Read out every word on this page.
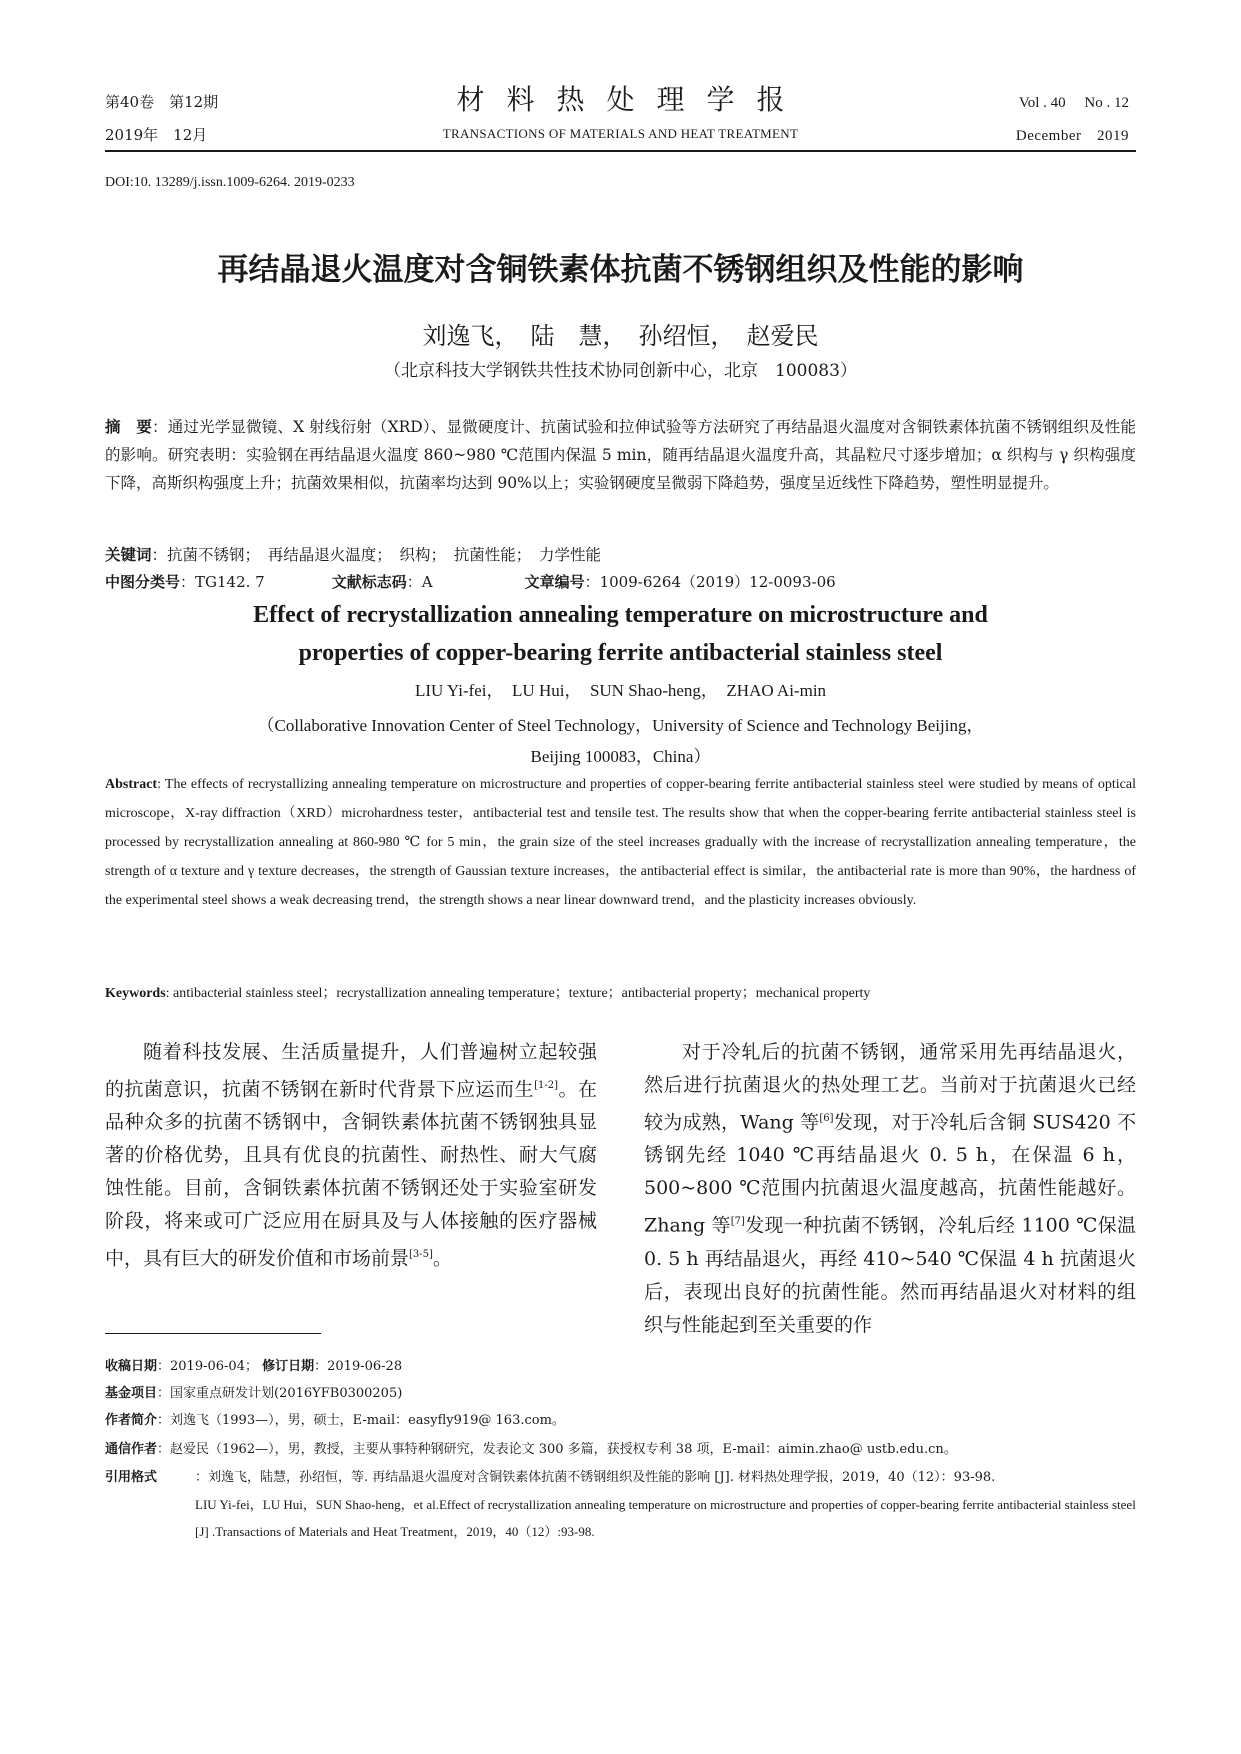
第40卷　第12期
2019年　12月
材料热处理学报
TRANSACTIONS OF MATERIALS AND HEAT TREATMENT
Vol . 40　 No . 12
December　2019
DOI:10. 13289/j.issn.1009-6264. 2019-0233
再结晶退火温度对含铜铁素体抗菌不锈钢组织及性能的影响
刘逸飞，　陆　慧，　孙绍恒，　赵爱民
（北京科技大学钢铁共性技术协同创新中心，北京　100083）
摘　要：通过光学显微镜、X 射线衍射（XRD）、显微硬度计、抗菌试验和拉伸试验等方法研究了再结晶退火温度对含铜铁素体抗菌不锈钢组织及性能的影响。研究表明：实验钢在再结晶退火温度 860~980 ℃范围内保温 5 min，随再结晶退火温度升高，其晶粒尺寸逐步增加；α 织构与 γ 织构强度下降，高斯织构强度上升；抗菌效果相似，抗菌率均达到 90%以上；实验钢硬度呈微弱下降趋势，强度呈近线性下降趋势，塑性明显提升。
关键词：抗菌不锈钢；　再结晶退火温度；　织构；　抗菌性能；　力学性能
中图分类号：TG142. 7	文献标志码：A	文章编号：1009-6264（2019）12-0093-06
Effect of recrystallization annealing temperature on microstructure and
properties of copper-bearing ferrite antibacterial stainless steel
LIU Yi-fei，　LU Hui，　SUN Shao-heng，　ZHAO Ai-min
（Collaborative Innovation Center of Steel Technology，University of Science and Technology Beijing，
Beijing 100083，China）
Abstract: The effects of recrystallizing annealing temperature on microstructure and properties of copper-bearing ferrite antibacterial stainless steel were studied by means of optical microscope，X-ray diffraction（XRD）microhardness tester，antibacterial test and tensile test. The results show that when the copper-bearing ferrite antibacterial stainless steel is processed by recrystallization annealing at 860-980 ℃ for 5 min，the grain size of the steel increases gradually with the increase of recrystallization annealing temperature，the strength of α texture and γ texture decreases，the strength of Gaussian texture increases，the antibacterial effect is similar，the antibacterial rate is more than 90%，the hardness of the experimental steel shows a weak decreasing trend，the strength shows a near linear downward trend，and the plasticity increases obviously.
Keywords: antibacterial stainless steel；recrystallization annealing temperature；texture；antibacterial property；mechanical property

随着科技发展、生活质量提升，人们普遍树立起较强的抗菌意识，抗菌不锈钢在新时代背景下应运而生[1-2]。在品种众多的抗菌不锈钢中，含铜铁素体抗菌不锈钢独具显著的价格优势，且具有优良的抗菌性、耐热性、耐大气腐蚀性能。目前，含铜铁素体抗菌不锈钢还处于实验室研发阶段，将来或可广泛应用在厨具及与人体接触的医疗器械中，具有巨大的研发价值和市场前景[3-5]。

对于冷轧后的抗菌不锈钢，通常采用先再结晶退火，然后进行抗菌退火的热处理工艺。当前对于抗菌退火已经较为成熟，Wang 等[6]发现，对于冷轧后含铜 SUS420 不锈钢先经 1040 ℃再结晶退火 0. 5 h，在保温 6 h，500~800 ℃范围内抗菌退火温度越高，抗菌性能越好。Zhang 等[7]发现一种抗菌不锈钢，冷轧后经 1100 ℃保温 0. 5 h 再结晶退火，再经 410~540 ℃保温 4 h 抗菌退火后，表现出良好的抗菌性能。然而再结晶退火对材料的组织与性能起到至关重要的作

收稿日期：2019-06-04； 修订日期：2019-06-28
基金项目：国家重点研发计划(2016YFB0300205)
作者简介：刘逸飞（1993—），男，硕士，E-mail：easyfly919@ 163.com。
通信作者：赵爱民（1962—），男，教授，主要从事特种钢研究，发表论文 300 多篇，获授权专利 38 项，E-mail：aimin.zhao@ ustb.edu.cn。
引用格式	：刘逸飞，陆慧，孙绍恒，等. 再结晶退火温度对含铜铁素体抗菌不锈钢组织及性能的影响 [J]. 材料热处理学报，2019，40（12）：93-98.
LIU Yi-fei，LU Hui，SUN Shao-heng，et al.Effect of recrystallization annealing temperature on microstructure and properties of copper-bearing ferrite antibacterial stainless steel [J] .Transactions of Materials and Heat Treatment，2019，40（12）:93-98.
